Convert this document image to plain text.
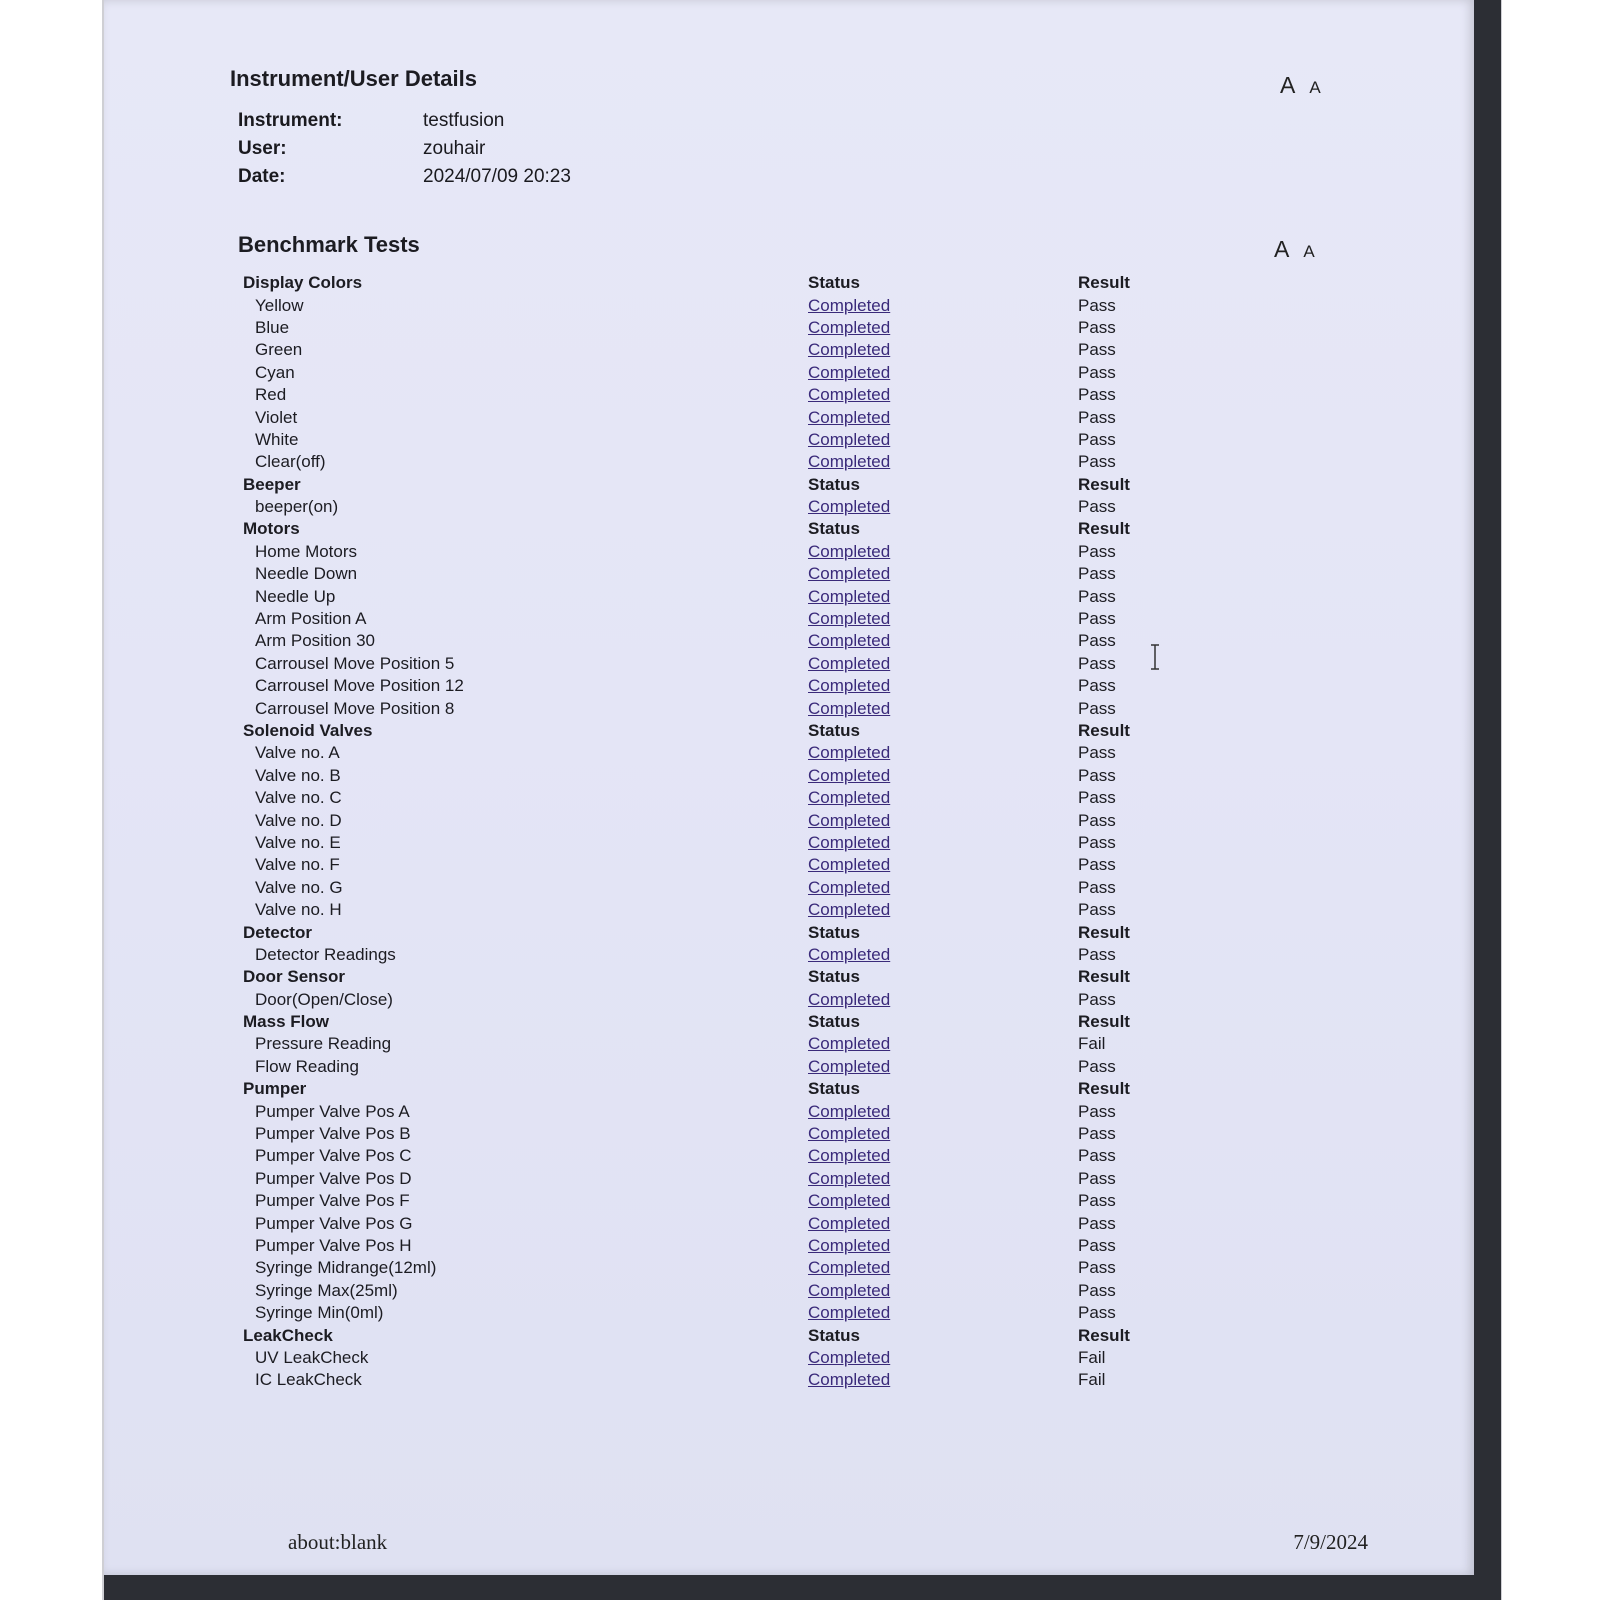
Instrument/User Details	A A
Instrument:	testfusion
User:	zouhair
Date:	2024/07/09 20:23
Benchmark Tests	A A
Display Colors	Status	Result
Yellow	Completed	Pass
Blue	Completed	Pass
Green	Completed	Pass
Cyan	Completed	Pass
Red	Completed	Pass
Violet	Completed	Pass
White	Completed	Pass
Clear(off)	Completed	Pass
Beeper	Status	Result
beeper(on)	Completed	Pass
Motors	Status	Result
Home Motors	Completed	Pass
Needle Down	Completed	Pass
Needle Up	Completed	Pass
Arm Position A	Completed	Pass
Arm Position 30	Completed	Pass
Carrousel Move Position 5	Completed	Pass
Carrousel Move Position 12	Completed	Pass
Carrousel Move Position 8	Completed	Pass
Solenoid Valves	Status	Result
Valve no. A	Completed	Pass
Valve no. B	Completed	Pass
Valve no. C	Completed	Pass
Valve no. D	Completed	Pass
Valve no. E	Completed	Pass
Valve no. F	Completed	Pass
Valve no. G	Completed	Pass
Valve no. H	Completed	Pass
Detector	Status	Result
Detector Readings	Completed	Pass
Door Sensor	Status	Result
Door(Open/Close)	Completed	Pass
Mass Flow	Status	Result
Pressure Reading	Completed	Fail
Flow Reading	Completed	Pass
Pumper	Status	Result
Pumper Valve Pos A	Completed	Pass
Pumper Valve Pos B	Completed	Pass
Pumper Valve Pos C	Completed	Pass
Pumper Valve Pos D	Completed	Pass
Pumper Valve Pos F	Completed	Pass
Pumper Valve Pos G	Completed	Pass
Pumper Valve Pos H	Completed	Pass
Syringe Midrange(12ml)	Completed	Pass
Syringe Max(25ml)	Completed	Pass
Syringe Min(0ml)	Completed	Pass
LeakCheck	Status	Result
UV LeakCheck	Completed	Fail
IC LeakCheck	Completed	Fail
about:blank	7/9/2024
